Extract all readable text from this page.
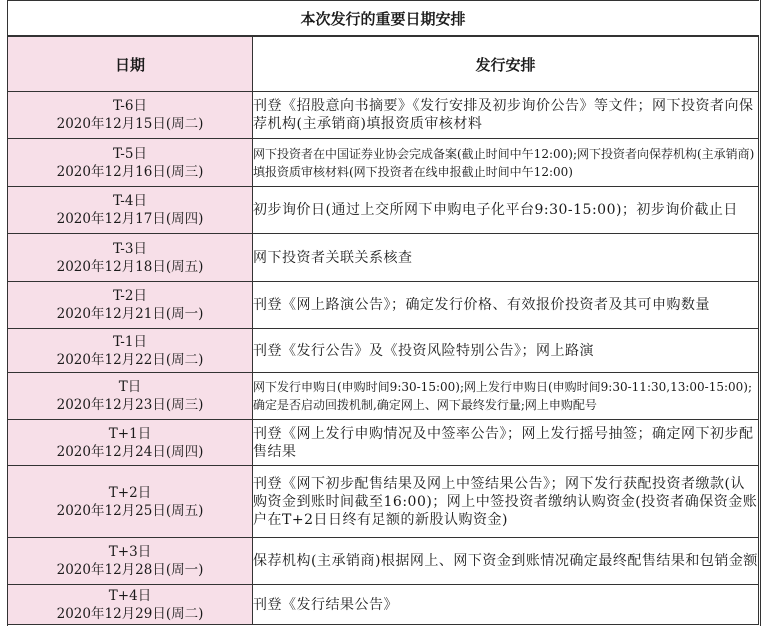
本次发行的重要日期安排
日期	发行安排

T-6日
2020年12月15日(周二)	刊登《招股意向书摘要》《发行安排及初步询价公告》等文件；网下投资者向保荐机构(主承销商)填报资质审核材料

T-5日
2020年12月16日(周三)	网下投资者在中国证券业协会完成备案(截止时间中午12:00);网下投资者向保荐机构(主承销商)填报资质审核材料(网下投资者在线申报截止时间中午12:00)

T-4日
2020年12月17日(周四)	初步询价日(通过上交所网下申购电子化平台9:30-15:00)；初步询价截止日

T-3日
2020年12月18日(周五)	网下投资者关联关系核查

T-2日
2020年12月21日(周一)	刊登《网上路演公告》；确定发行价格、有效报价投资者及其可申购数量

T-1日
2020年12月22日(周二)	刊登《发行公告》及《投资风险特别公告》；网上路演

T日
2020年12月23日(周三)	网下发行申购日(申购时间9:30-15:00);网上发行申购日(申购时间9:30-11:30,13:00-15:00);确定是否启动回拨机制,确定网上、网下最终发行量;网上申购配号

T+1日
2020年12月24日(周四)	刊登《网上发行申购情况及中签率公告》；网上发行摇号抽签；确定网下初步配售结果

T+2日
2020年12月25日(周五)	刊登《网下初步配售结果及网上中签结果公告》；网下发行获配投资者缴款(认购资金到账时间截至16:00)；网上中签投资者缴纳认购资金(投资者确保资金账户在T+2日日终有足额的新股认购资金)

T+3日
2020年12月28日(周一)	保荐机构(主承销商)根据网上、网下资金到账情况确定最终配售结果和包销金额

T+4日
2020年12月29日(周二)	刊登《发行结果公告》
